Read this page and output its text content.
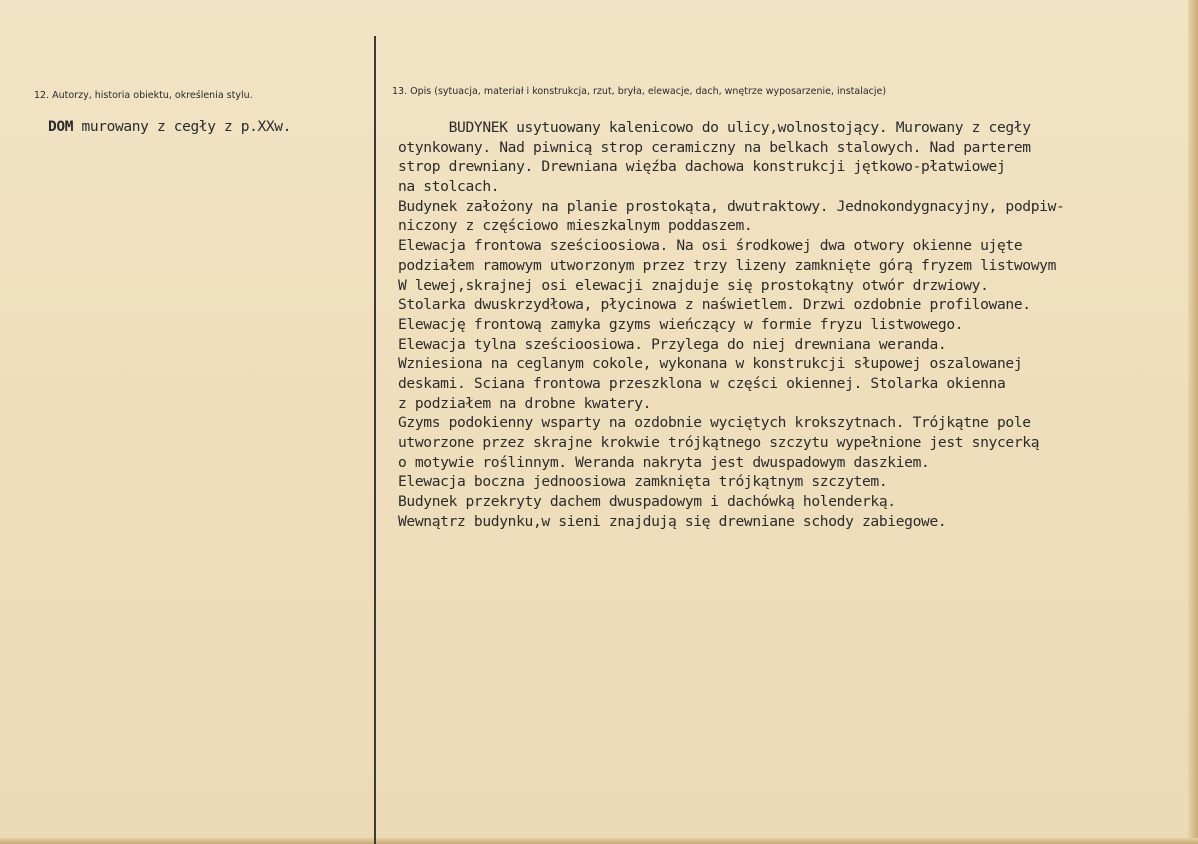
12. Autorzy, historia obiektu, określenia stylu.
DOM murowany z cegły z p.XXw.
13. Opis (sytuacja, materiał i konstrukcja, rzut, bryła, elewacje, dach, wnętrze wyposarzenie, instalacje)
BUDYNEK usytuowany kalenicowo do ulicy,wolnostojący. Murowany z cegły
otynkowany. Nad piwnicą strop ceramiczny na belkach stalowych. Nad parterem
strop drewniany. Drewniana więźba dachowa konstrukcji jętkowo-płatwiowej
na stolcach.
Budynek założony na planie prostokąta, dwutraktowy. Jednokondygnacyjny, podpiw-
niczony z częściowo mieszkalnym poddaszem.
Elewacja frontowa sześcioosiowa. Na osi środkowej dwa otwory okienne ujęte
podziałem ramowym utworzonym przez trzy lizeny zamknięte górą fryzem listwowym
W lewej,skrajnej osi elewacji znajduje się prostokątny otwór drzwiowy.
Stolarka dwuskrzydłowa, płycinowa z naświetlem. Drzwi ozdobnie profilowane.
Elewację frontową zamyka gzyms wieńczący w formie fryzu listwowego.
Elewacja tylna sześcioosiowa. Przylega do niej drewniana weranda.
Wzniesiona na ceglanym cokole, wykonana w konstrukcji słupowej oszalowanej
deskami. Sciana frontowa przeszklona w części okiennej. Stolarka okienna
z podziałem na drobne kwatery.
Gzyms podokienny wsparty na ozdobnie wyciętych krokszytnach. Trójkątne pole
utworzone przez skrajne krokwie trójkątnego szczytu wypełnione jest snycerką
o motywie roślinnym. Weranda nakryta jest dwuspadowym daszkiem.
Elewacja boczna jednoosiowa zamknięta trójkątnym szczytem.
Budynek przekryty dachem dwuspadowym i dachówką holenderką.
Wewnątrz budynku,w sieni znajdują się drewniane schody zabiegowe.
